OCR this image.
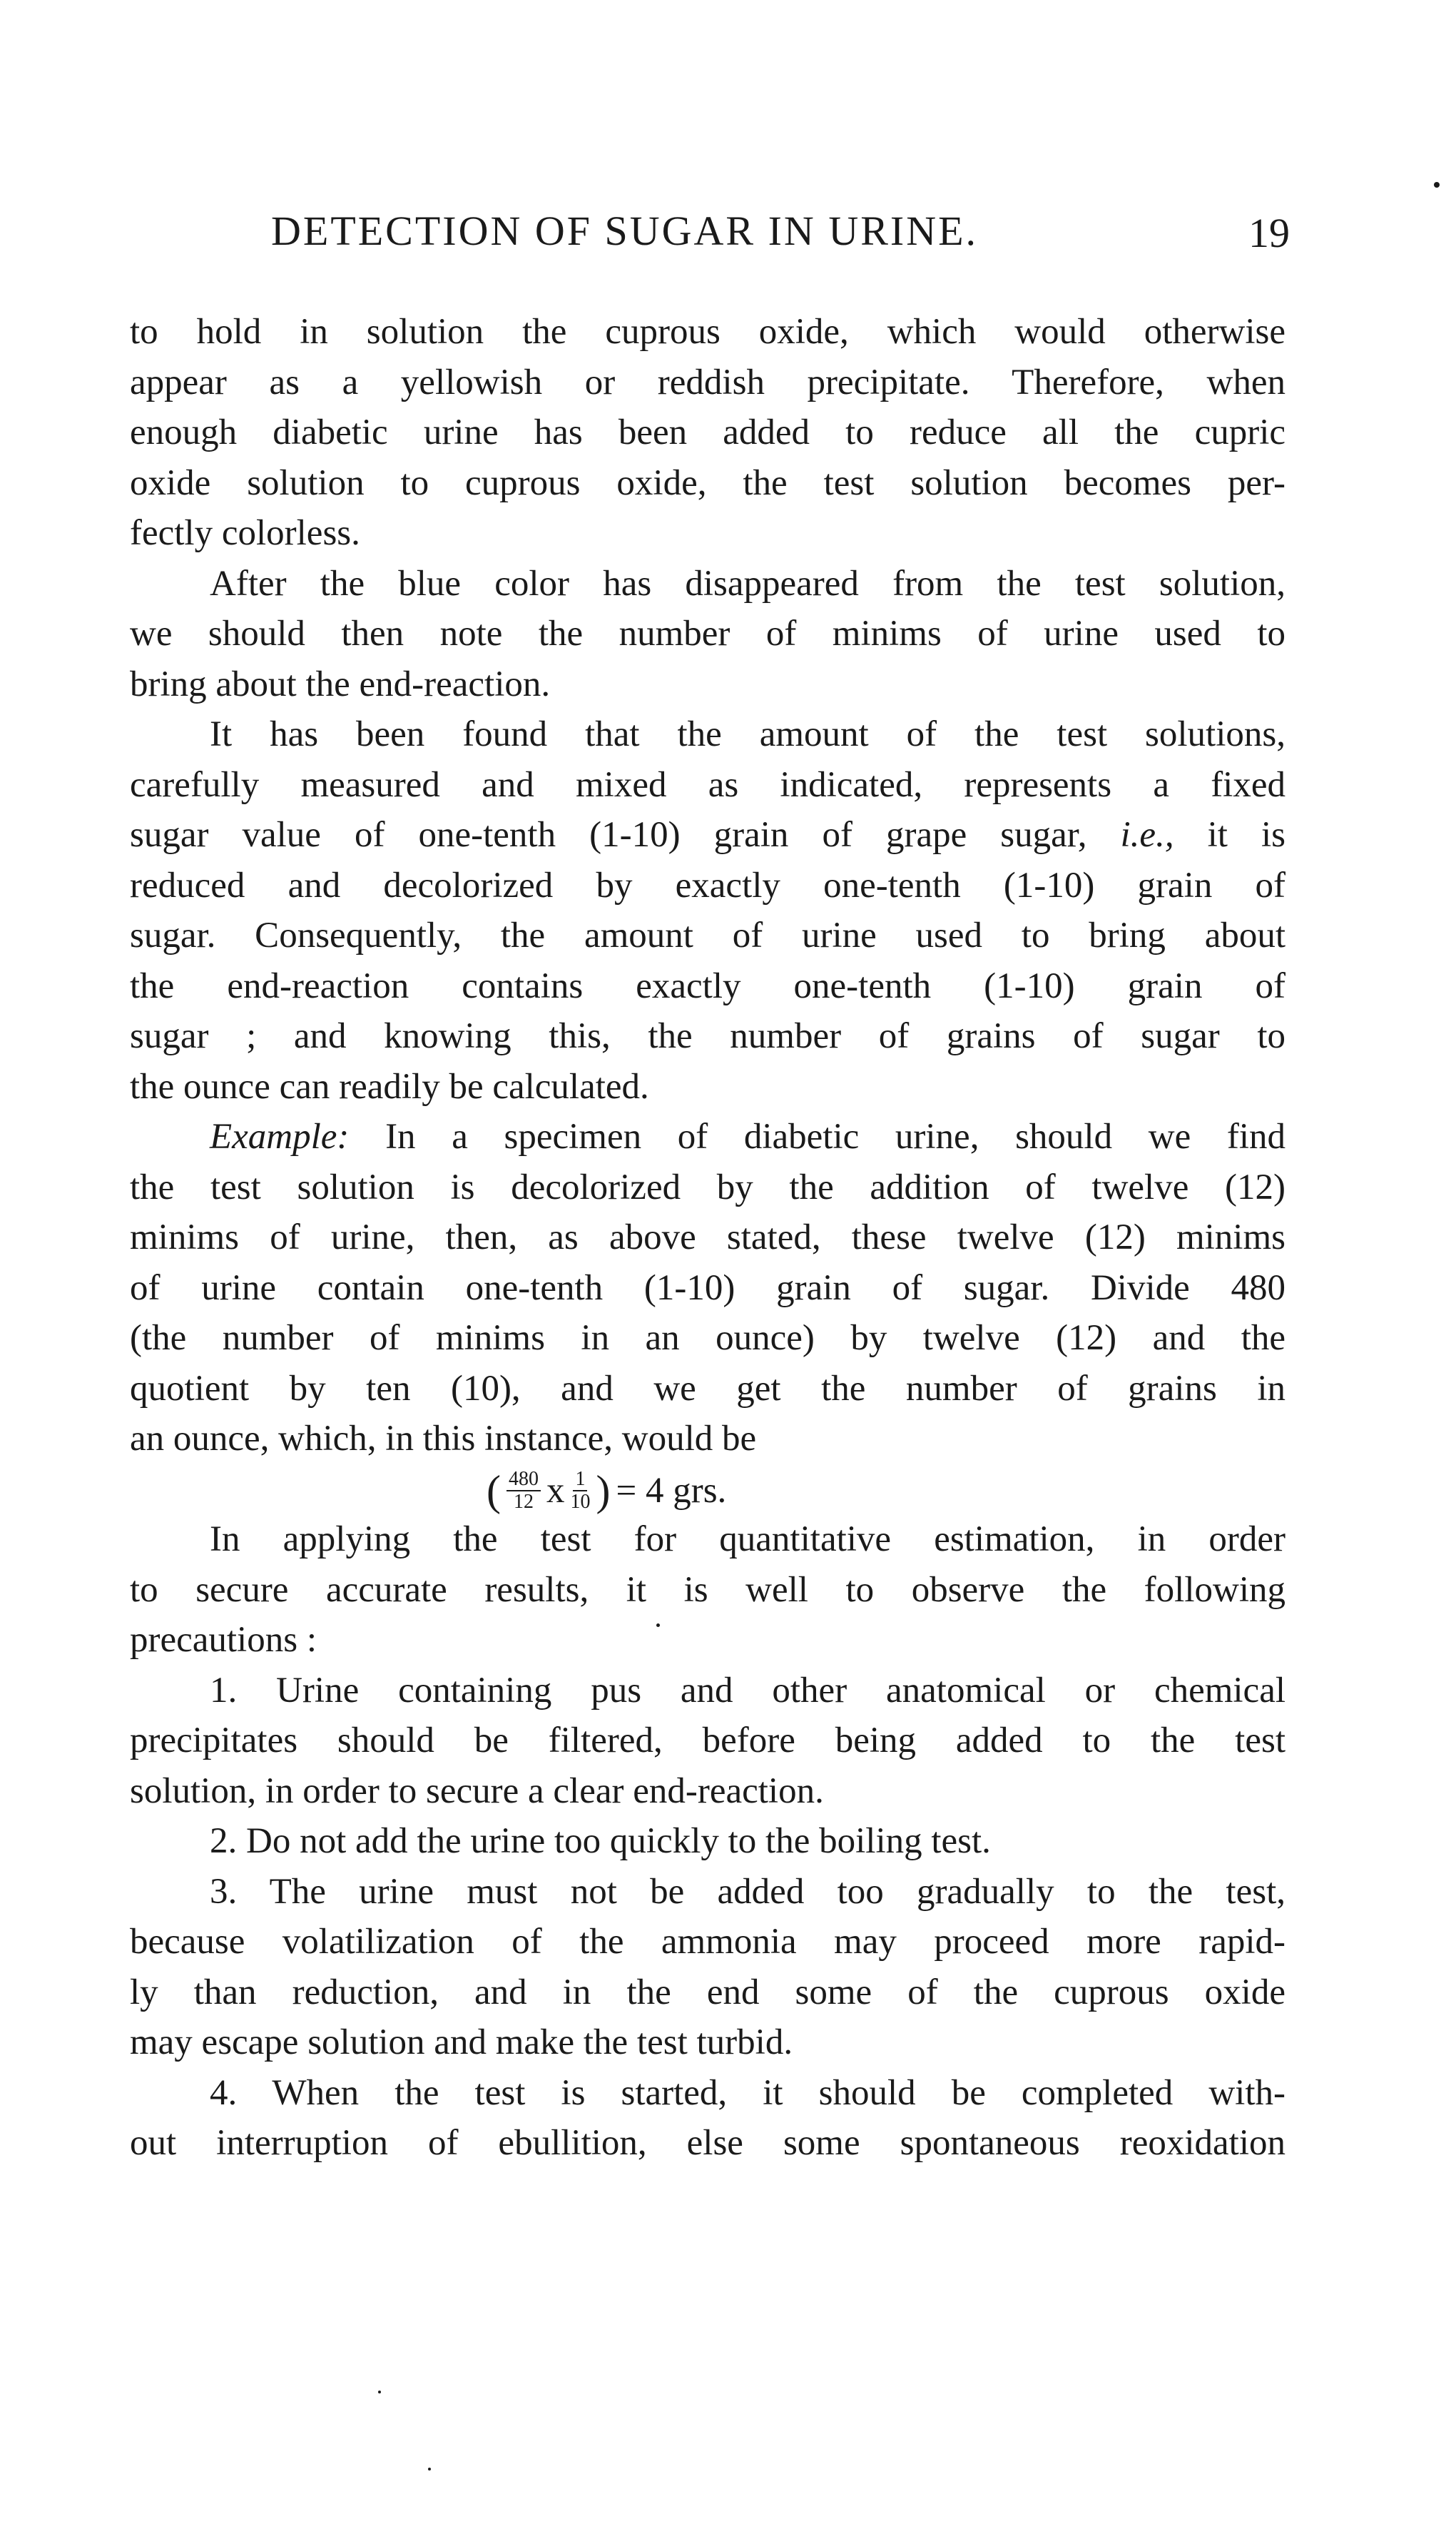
DETECTION OF SUGAR IN URINE.	19
to hold in solution the cuprous oxide, which would otherwise
appear as a yellowish or reddish precipitate. Therefore, when
enough diabetic urine has been added to reduce all the cupric
oxide solution to cuprous oxide, the test solution becomes per-
fectly colorless.
After the blue color has disappeared from the test solution,
we should then note the number of minims of urine used to
bring about the end-reaction.
It has been found that the amount of the test solutions,
carefully measured and mixed as indicated, represents a fixed
sugar value of one-tenth (1-10) grain of grape sugar, i.e., it is
reduced and decolorized by exactly one-tenth (1-10) grain of
sugar. Consequently, the amount of urine used to bring about
the end-reaction contains exactly one-tenth (1-10) grain of
sugar ; and knowing this, the number of grains of sugar to
the ounce can readily be calculated.
Example: In a specimen of diabetic urine, should we find
the test solution is decolorized by the addition of twelve (12)
minims of urine, then, as above stated, these twelve (12) minims
of urine contain one-tenth (1-10) grain of sugar. Divide 480
(the number of minims in an ounce) by twelve (12) and the
quotient by ten (10), and we get the number of grains in
an ounce, which, in this instance, would be
( $\frac{480}{12}$ x $\frac{1}{10}$ ) = 4 grs.
In applying the test for quantitative estimation, in order
to secure accurate results, it is well to observe the following
precautions :
1. Urine containing pus and other anatomical or chemical
precipitates should be filtered, before being added to the test
solution, in order to secure a clear end-reaction.
2. Do not add the urine too quickly to the boiling test.
3. The urine must not be added too gradually to the test,
because volatilization of the ammonia may proceed more rapid-
ly than reduction, and in the end some of the cuprous oxide
may escape solution and make the test turbid.
4. When the test is started, it should be completed with-
out interruption of ebullition, else some spontaneous reoxidation
